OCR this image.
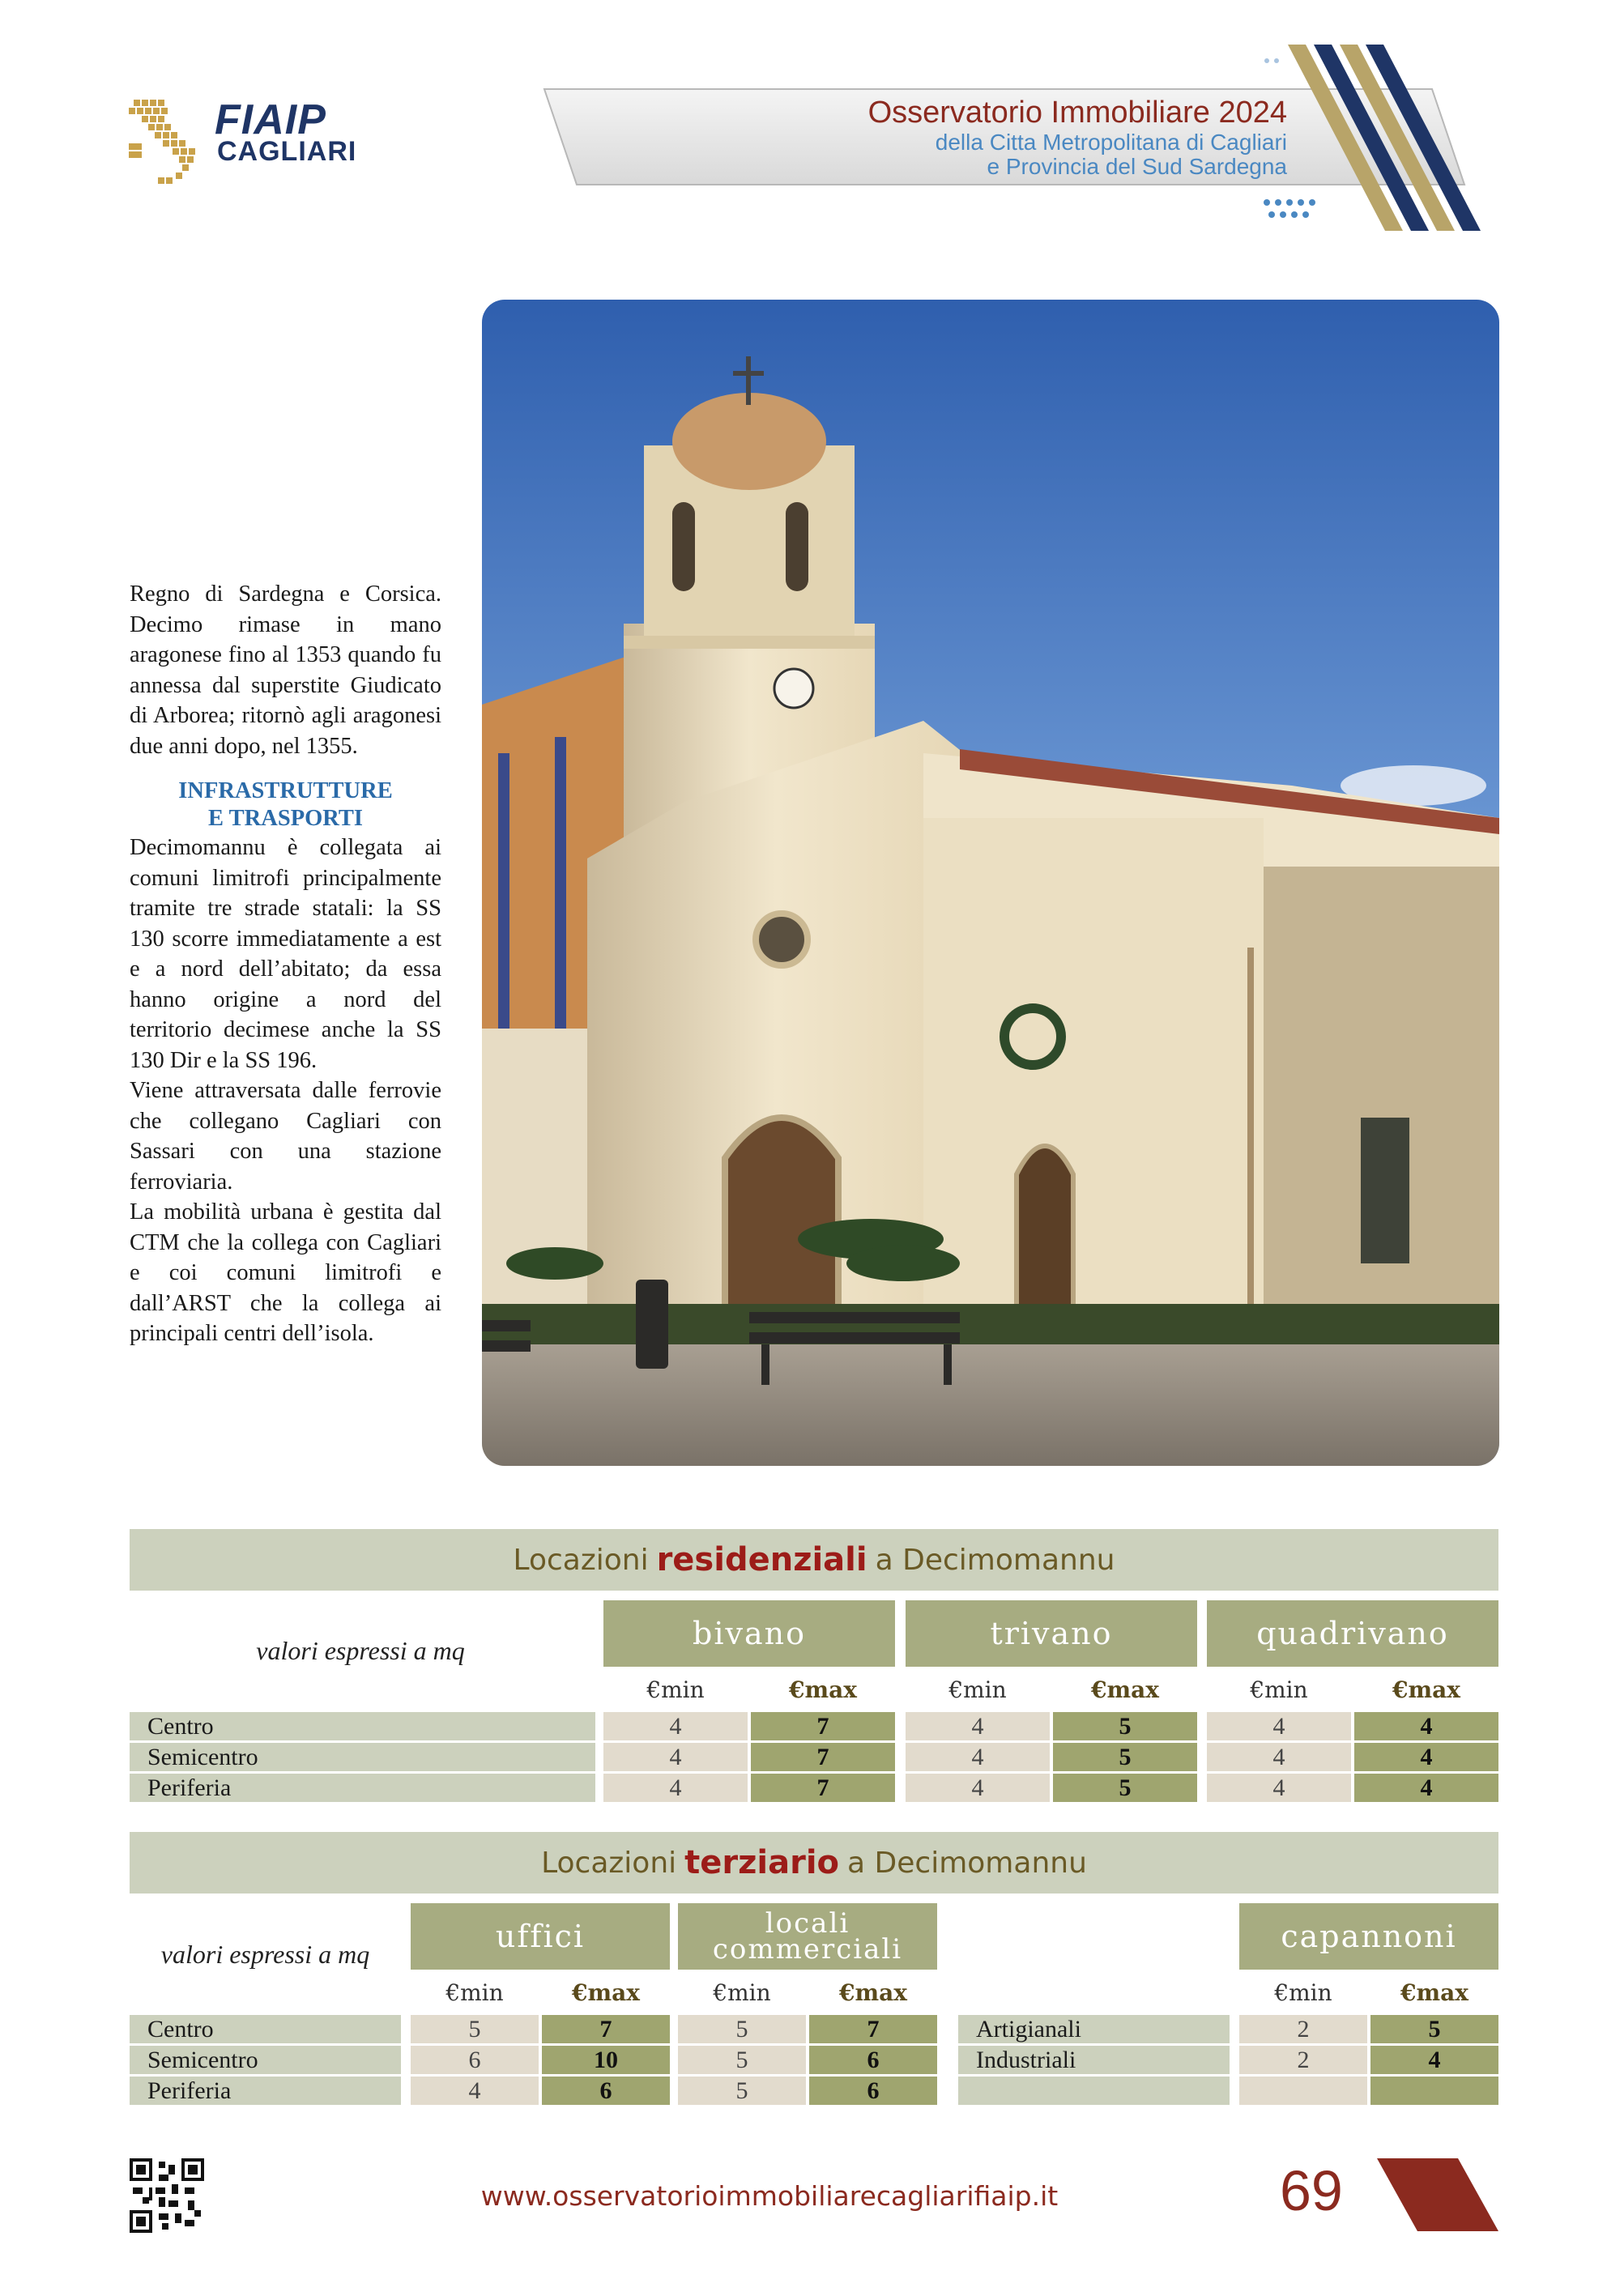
FIAIP
CAGLIARI
Osservatorio Immobiliare 2024
della Citta Metropolitana di Cagliari
e Provincia del Sud Sardegna

Regno di Sardegna e Corsica. Decimo rimase in mano aragonese fino al 1353 quando fu annessa dal superstite Giudicato di Arborea; ritornò agli aragonesi due anni dopo, nel 1355.

INFRASTRUTTURE
E TRASPORTI

Decimomannu è collegata ai comuni limitrofi principalmente tramite tre strade statali: la SS 130 scorre immediatamente a est e a nord dell’abitato; da essa hanno origine a nord del territorio decimese anche la SS 130 Dir e la SS 196.

Viene attraversata dalle ferrovie che collegano Cagliari con Sassari con una stazione ferroviaria.

La mobilità urbana è gestita dal CTM che la collega con Cagliari e coi comuni limitrofi e dall’ARST che la collega ai principali centri dell’isola.

Locazioni residenziali a Decimomannu
valori espressi a mq	bivano	trivano	quadrivano
€min	€max	€min	€max	€min	€max
Centro	4	7	4	5	4	4
Semicentro	4	7	4	5	4	4
Periferia	4	7	4	5	4	4
Locazioni terziario a Decimomannu
valori espressi a mq	uffici	locali commerciali	capannoni
€min	€max	€min	€max	€min	€max
Centro	5	7	5	7
Semicentro	6	10	5	6
Periferia	4	6	5	6
Artigianali	2	5
Industriali	2	4
www.osservatorioimmobiliarecagliarifiaip.it	69
